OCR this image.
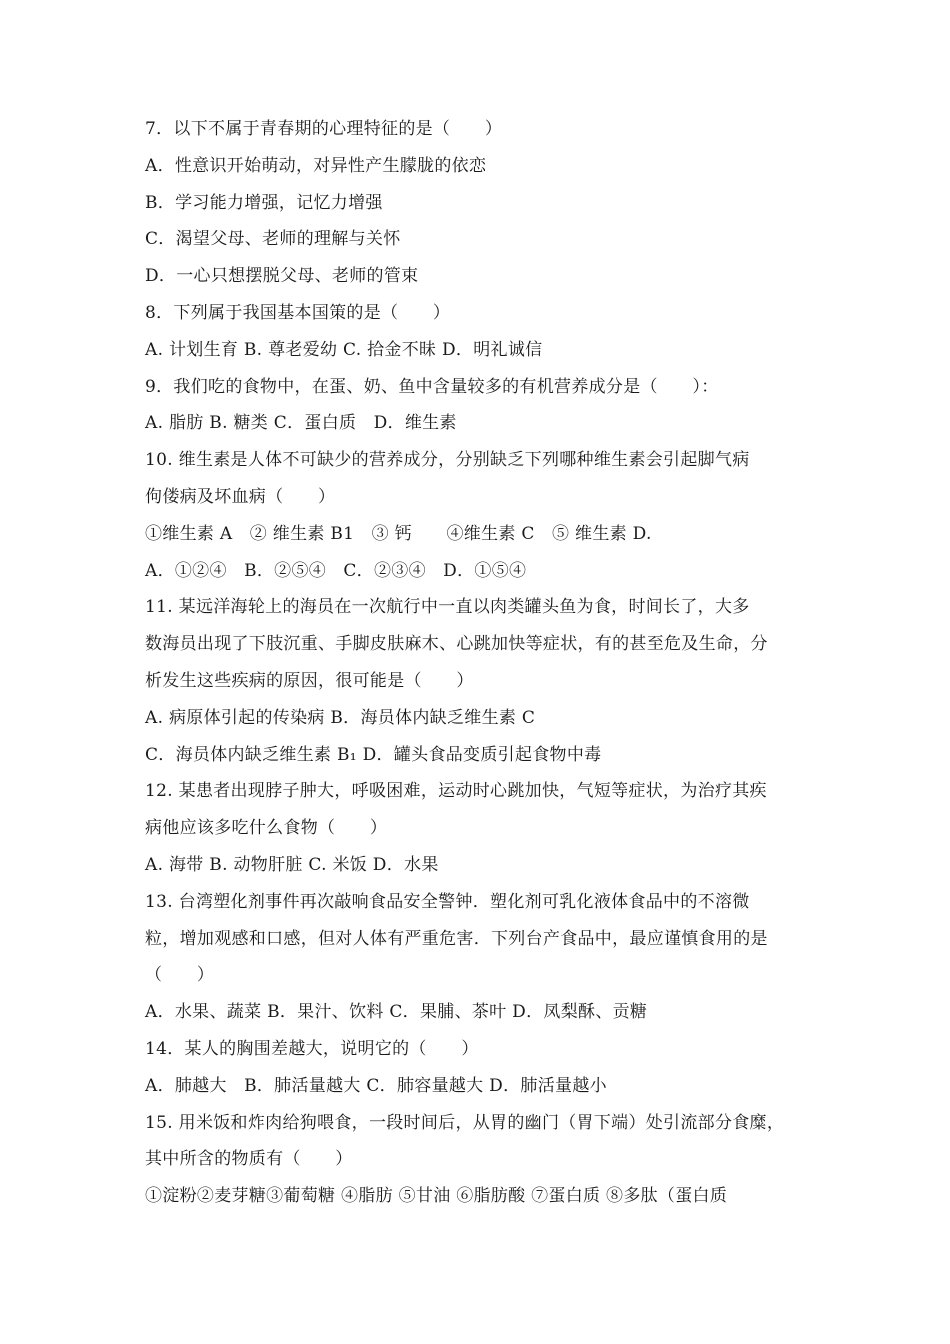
7．以下不属于青春期的心理特征的是（　　）
A．性意识开始萌动，对异性产生朦胧的依恋
B．学习能力增强，记忆力增强
C．渴望父母、老师的理解与关怀
D．一心只想摆脱父母、老师的管束
8．下列属于我国基本国策的是（　　）
A. 计划生育 B. 尊老爱幼 C. 拾金不昧 D．明礼诚信
9．我们吃的食物中，在蛋、奶、鱼中含量较多的有机营养成分是（　　）：
A. 脂肪 B. 糖类 C．蛋白质　D．维生素
10. 维生素是人体不可缺少的营养成分，分别缺乏下列哪种维生素会引起脚气病
佝偻病及坏血病（　　）
①维生素 A　② 维生素 B1　③ 钙　　④维生素 C　⑤ 维生素 D.
A．①②④　B．②⑤④　C．②③④　D．①⑤④
11. 某远洋海轮上的海员在一次航行中一直以肉类罐头鱼为食，时间长了，大多
数海员出现了下肢沉重、手脚皮肤麻木、心跳加快等症状，有的甚至危及生命，分
析发生这些疾病的原因，很可能是（　　）
A. 病原体引起的传染病 B．海员体内缺乏维生素 C
C．海员体内缺乏维生素 B₁ D．罐头食品变质引起食物中毒
12. 某患者出现脖子肿大，呼吸困难，运动时心跳加快，气短等症状，为治疗其疾
病他应该多吃什么食物（　　）
A. 海带 B. 动物肝脏 C. 米饭 D．水果
13. 台湾塑化剂事件再次敲响食品安全警钟．塑化剂可乳化液体食品中的不溶微
粒，增加观感和口感，但对人体有严重危害．下列台产食品中，最应谨慎食用的是
（　　）
A．水果、蔬菜 B．果汁、饮料 C．果脯、茶叶 D．凤梨酥、贡糖
14．某人的胸围差越大，说明它的（　　）
A．肺越大　B．肺活量越大 C．肺容量越大 D．肺活量越小
15. 用米饭和炸肉给狗喂食，一段时间后，从胃的幽门（胃下端）处引流部分食糜，
其中所含的物质有（　　）
①淀粉②麦芽糖③葡萄糖 ④脂肪 ⑤甘油 ⑥脂肪酸 ⑦蛋白质 ⑧多肽（蛋白质
